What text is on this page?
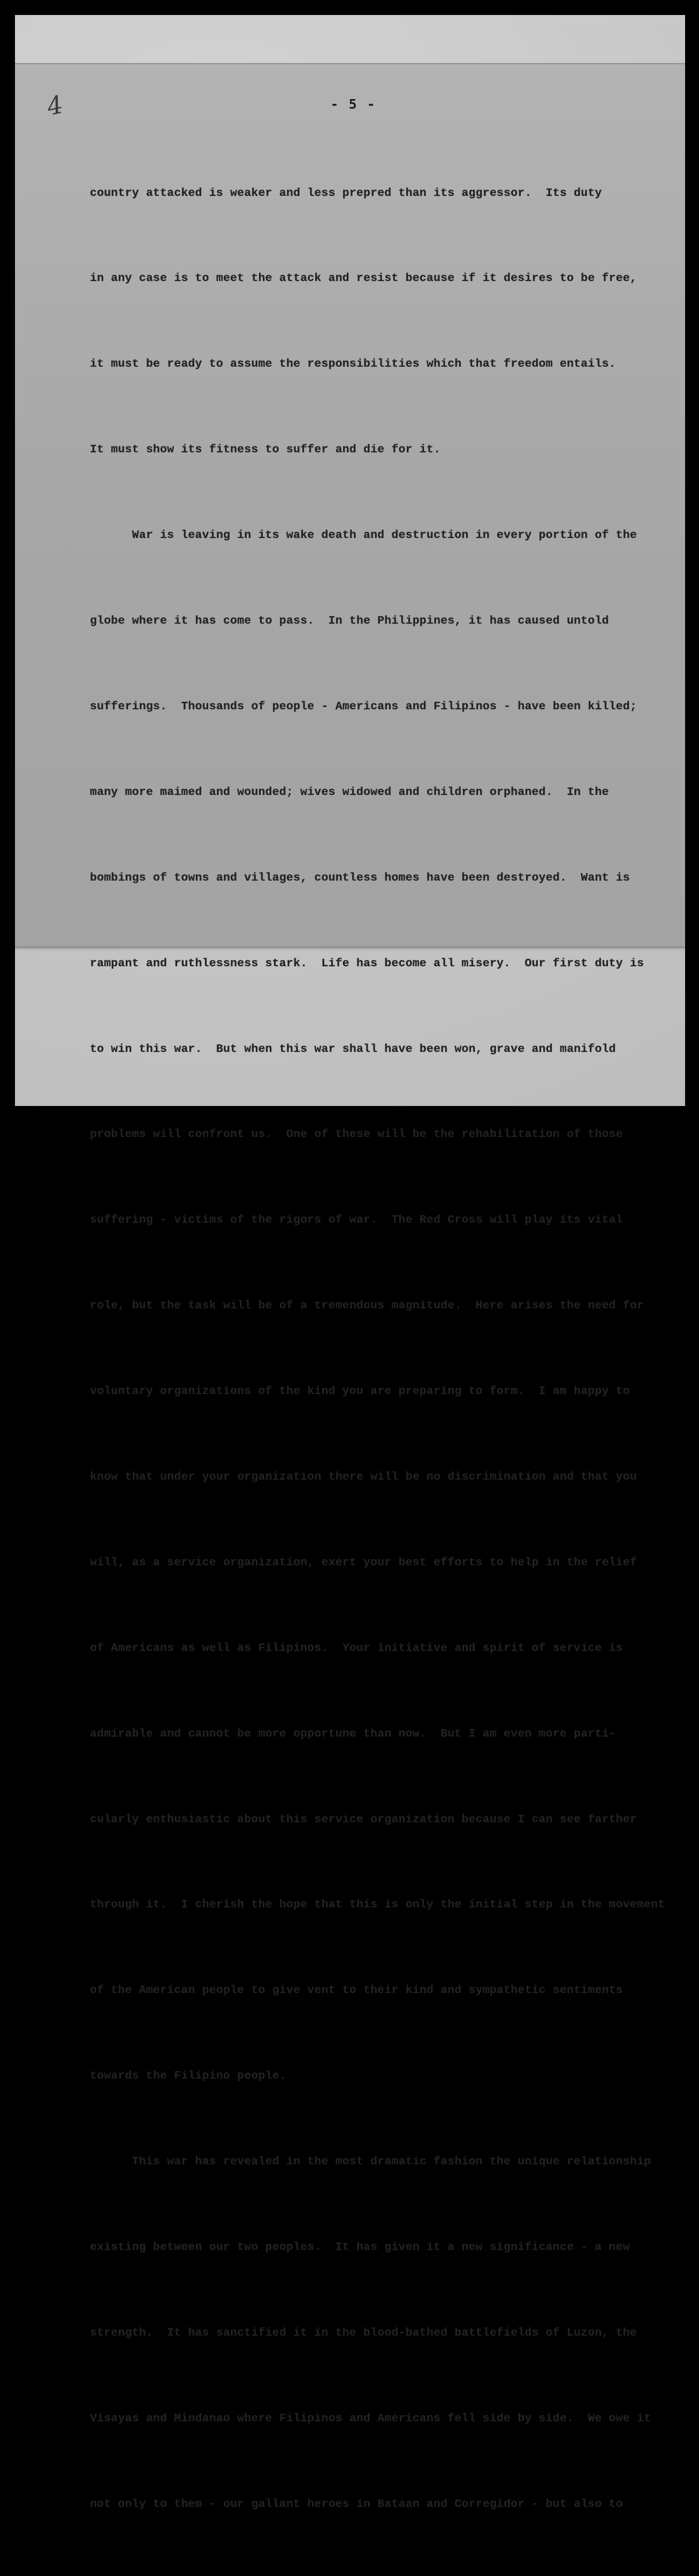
4	- 5 -

country attacked is weaker and less prepred than its aggressor.  Its duty

in any case is to meet the attack and resist because if it desires to be free,

it must be ready to assume the responsibilities which that freedom entails.

It must show its fitness to suffer and die for it.

War is leaving in its wake death and destruction in every portion of the

globe where it has come to pass.  In the Philippines, it has caused untold

sufferings.  Thousands of people - Americans and Filipinos - have been killed;

many more maimed and wounded; wives widowed and children orphaned.  In the

bombings of towns and villages, countless homes have been destroyed.  Want is

rampant and ruthlessness stark.  Life has become all misery.  Our first duty is

to win this war.  But when this war shall have been won, grave and manifold

problems will confront us.  One of these will be the rehabilitation of those

suffering - victims of the rigors of war.  The Red Cross will play its vital

role, but the task will be of a tremendous magnitude.  Here arises the need for

voluntary organizations of the kind you are preparing to form.  I am happy to

know that under your organization there will be no discrimination and that you

will, as a service organization, exert your best efforts to help in the relief

of Americans as well as Filipinos.  Your initiative and spirit of service is

admirable and cannot be more opportune than now.  But I am even more parti-

cularly enthusiastic about this service organization because I can see farther

through it.  I cherish the hope that this is only the initial step in the movement

of the American people to give vent to their kind and sympathetic sentiments

towards the Filipino people.

This war has revealed in the most dramatic fashion the unique relationship

existing between our two peoples.  It has given it a new significance - a new

strength.  It has sanctified it in the blood-bathed battlefields of Luzon, the

Visayas and Mindanao where Filipinos and Americans fell side by side.  We owe it

not only to them - our gallant heroes in Bataan and Corregidor - but also to
